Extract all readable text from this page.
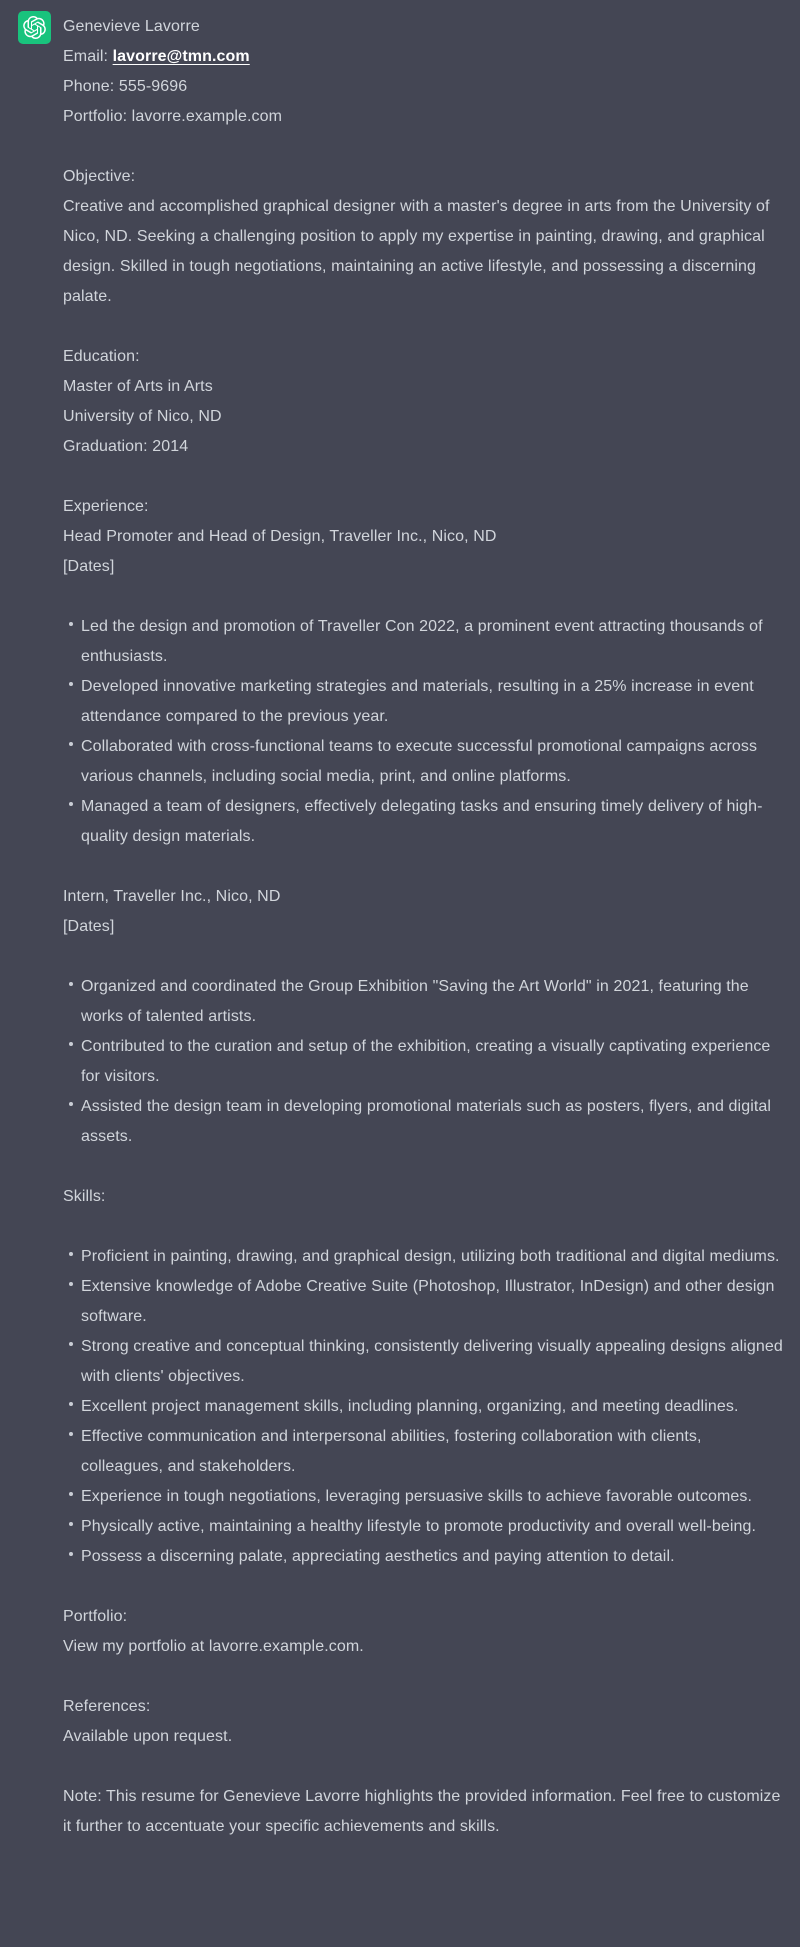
Genevieve Lavorre
Email: lavorre@tmn.com
Phone: 555-9696
Portfolio: lavorre.example.com

Objective:
Creative and accomplished graphical designer with a master's degree in arts from the University of Nico, ND. Seeking a challenging position to apply my expertise in painting, drawing, and graphical design. Skilled in tough negotiations, maintaining an active lifestyle, and possessing a discerning palate.

Education:
Master of Arts in Arts
University of Nico, ND
Graduation: 2014

Experience:
Head Promoter and Head of Design, Traveller Inc., Nico, ND
[Dates]

Led the design and promotion of Traveller Con 2022, a prominent event attracting thousands of enthusiasts.
Developed innovative marketing strategies and materials, resulting in a 25% increase in event attendance compared to the previous year.
Collaborated with cross-functional teams to execute successful promotional campaigns across various channels, including social media, print, and online platforms.
Managed a team of designers, effectively delegating tasks and ensuring timely delivery of high-quality design materials.

Intern, Traveller Inc., Nico, ND
[Dates]

Organized and coordinated the Group Exhibition "Saving the Art World" in 2021, featuring the works of talented artists.
Contributed to the curation and setup of the exhibition, creating a visually captivating experience for visitors.
Assisted the design team in developing promotional materials such as posters, flyers, and digital assets.

Skills:

Proficient in painting, drawing, and graphical design, utilizing both traditional and digital mediums.
Extensive knowledge of Adobe Creative Suite (Photoshop, Illustrator, InDesign) and other design software.
Strong creative and conceptual thinking, consistently delivering visually appealing designs aligned with clients' objectives.
Excellent project management skills, including planning, organizing, and meeting deadlines.
Effective communication and interpersonal abilities, fostering collaboration with clients, colleagues, and stakeholders.
Experience in tough negotiations, leveraging persuasive skills to achieve favorable outcomes.
Physically active, maintaining a healthy lifestyle to promote productivity and overall well-being.
Possess a discerning palate, appreciating aesthetics and paying attention to detail.

Portfolio:
View my portfolio at lavorre.example.com.

References:
Available upon request.

Note: This resume for Genevieve Lavorre highlights the provided information. Feel free to customize it further to accentuate your specific achievements and skills.
